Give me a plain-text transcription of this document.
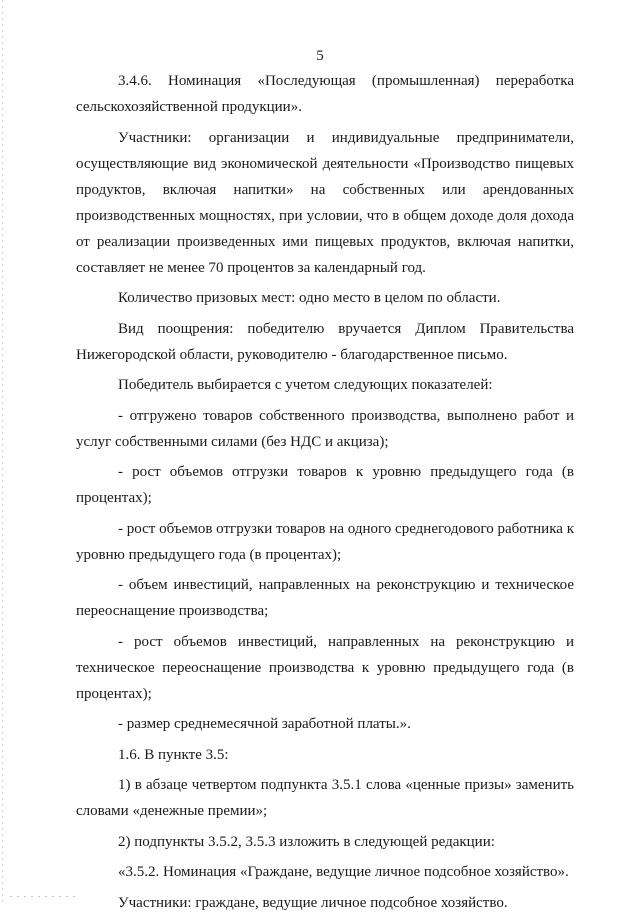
5

3.4.6. Номинация «Последующая (промышленная) переработка сельскохозяйственной продукции».

Участники: организации и индивидуальные предприниматели, осуществляющие вид экономической деятельности «Производство пищевых продуктов, включая напитки» на собственных или арендованных производственных мощностях, при условии, что в общем доходе доля дохода от реализации произведенных ими пищевых продуктов, включая напитки, составляет не менее 70 процентов за календарный год.

Количество призовых мест: одно место в целом по области.

Вид поощрения: победителю вручается Диплом Правительства Нижегородской области, руководителю - благодарственное письмо.

Победитель выбирается с учетом следующих показателей:

- отгружено товаров собственного производства, выполнено работ и услуг собственными силами (без НДС и акциза);

- рост объемов отгрузки товаров к уровню предыдущего года (в процентах);

- рост объемов отгрузки товаров на одного среднегодового работника к уровню предыдущего года (в процентах);

- объем инвестиций, направленных на реконструкцию и техническое переоснащение производства;

- рост объемов инвестиций, направленных на реконструкцию и техническое переоснащение производства к уровню предыдущего года (в процентах);

- размер среднемесячной заработной платы.».

1.6. В пункте 3.5:

1) в абзаце четвертом подпункта 3.5.1 слова «ценные призы» заменить словами «денежные премии»;

2) подпункты 3.5.2, 3.5.3 изложить в следующей редакции:

«3.5.2. Номинация «Граждане, ведущие личное подсобное хозяйство».

Участники: граждане, ведущие личное подсобное хозяйство.
